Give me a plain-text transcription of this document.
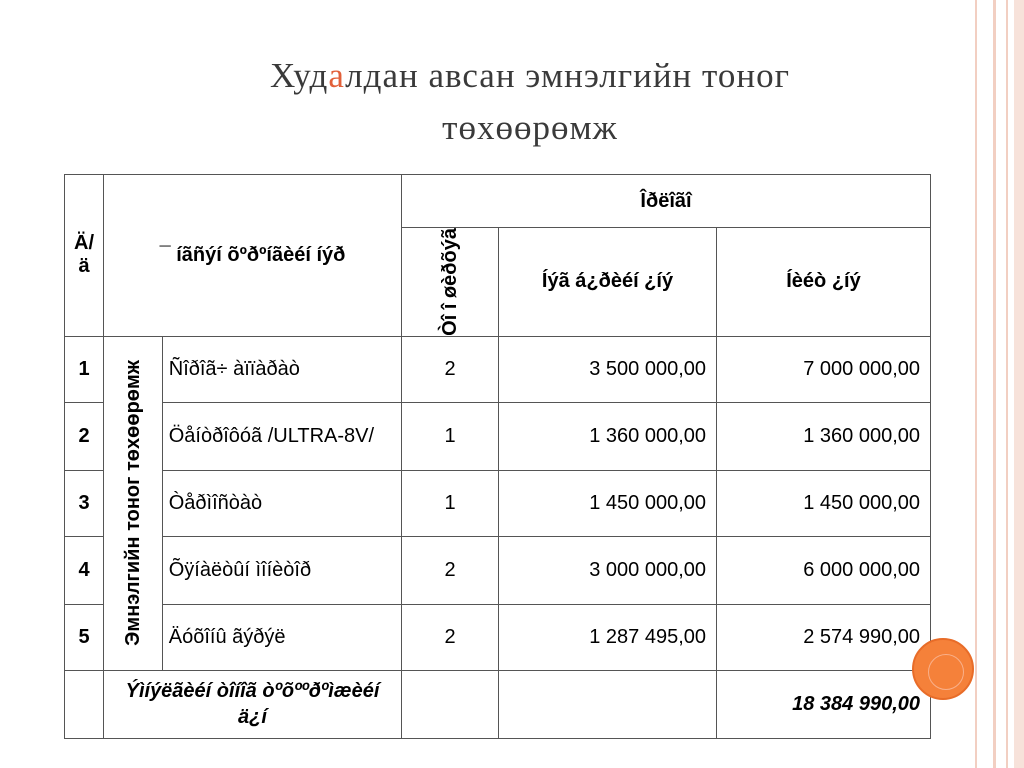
Худалдан авсан эмнэлгийн тоног
төхөөрөмж
Ä/ ä	¯ íãñýí õºðºíãèéí íýð		Îðëîãî		

			Òî î øèðõýã	Íýã á¿ðèéí ¿íý	Íèéò ¿íý
1	Эмнэлгийн тоног төхөөрөмж	Ñîðîã÷ àïïàðàò	2	3 500 000,00	7 000 000,00
2		Öåíòðîôóã /ULTRA-8V/	1	1 360 000,00	1 360 000,00
3		Òåðìîñòàò	1	1 450 000,00	1 450 000,00
4		Õÿíàëòûí ìîíèòîð	2	3 000 000,00	6 000 000,00
5		Äóõîíû ãýðýë	2	1 287 495,00	2 574 990,00
	Ýìíýëãèéí òîíîã òºõººðºìæèéí ä¿í				18 384 990,00
